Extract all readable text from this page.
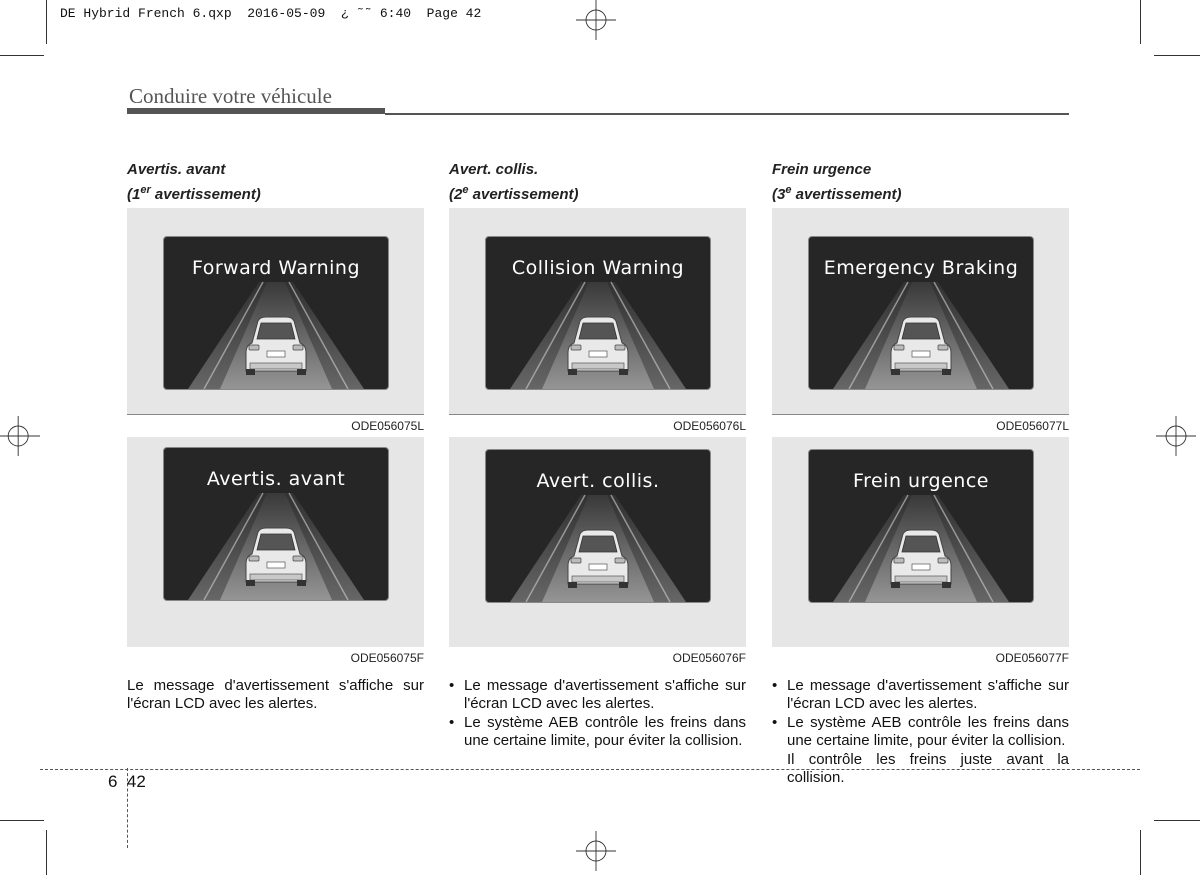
DE Hybrid French 6.qxp  2016-05-09  ¿ ˜˜ 6:40  Page 42
Conduire votre véhicule
Avertis. avant
(1er avertissement)
Forward Warning
ODE056075L
Avertis. avant
ODE056075F
Le message d'avertissement s'affiche sur l'écran LCD avec les alertes.
Avert. collis.
(2e avertissement)
Collision Warning
ODE056076L
Avert. collis.
ODE056076F
• Le message d'avertissement s'affiche sur l'écran LCD avec les alertes.
• Le système AEB contrôle les freins dans une certaine limite, pour éviter la collision.
Frein urgence
(3e avertissement)
Emergency Braking
ODE056077L
Frein urgence
ODE056077F
• Le message d'avertissement s'affiche sur l'écran LCD avec les alertes.
• Le système AEB contrôle les freins dans une certaine limite, pour éviter la collision.
Il contrôle les freins juste avant la collision.
6 42
